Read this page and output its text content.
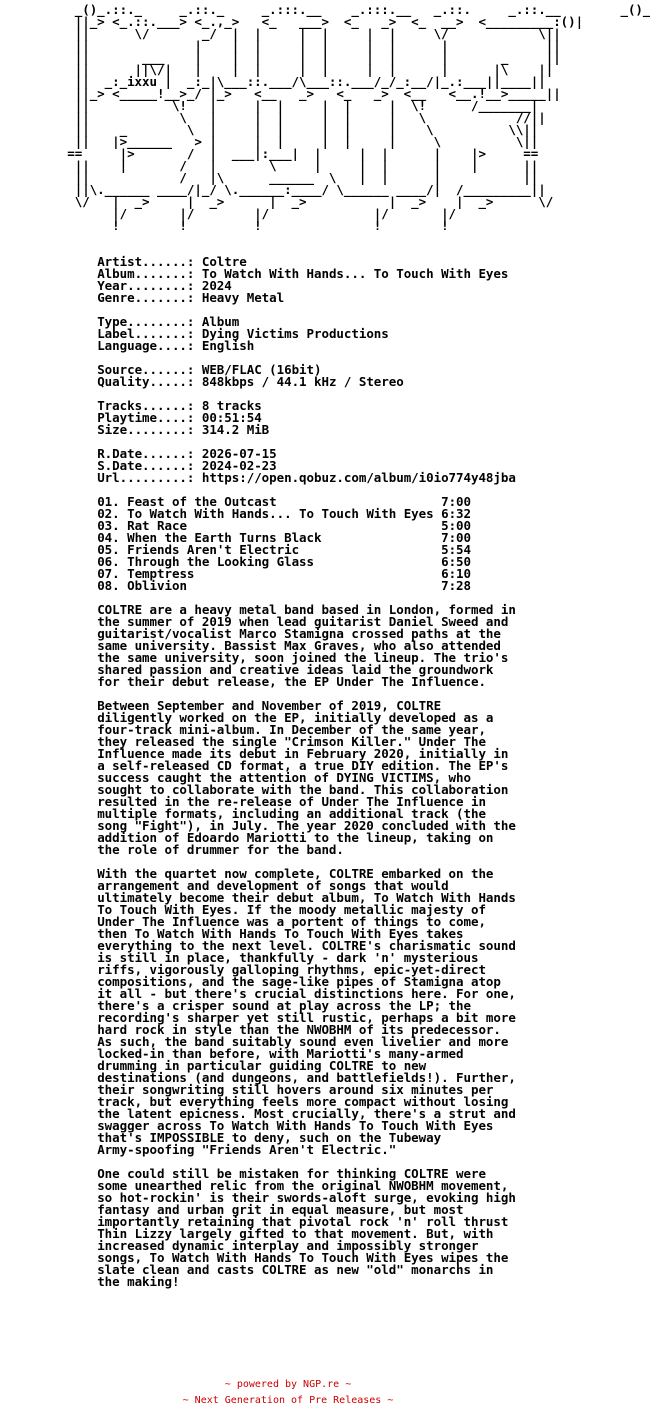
_()_.::._     _.::._     _.:::.__    _.:::.__   _.::.     _.::.__        _()_
||_> <_.::.___> <_.,_>   <_   ___>  <_   _>  <_  __>  <_________:()|
||      \/       _/  |  |     |  |     |  |     \/            \||
||              |    |  |     |  |     |  |      |             ||
||       ___    |    |  |     |  |     |  |      |       _     ||
||      ||\/|   |    |  |     |  |     |  |      |      |\    ||
||  _:_ixxu |  _:_|\___::.___/\___::.___/_/_:__/|_.:___||____||
||_> <_____!__>_/ |_>   <__   _>   <_   _>  <__   <__.!__>_____||
||           \!   |     |  |     |  |     |  \!      /_______|
||            \   |     |  |     |  |     |   \            //||
||    _        \  |     |  |     |  |     |    \          \\||
||   |>______   > |     |  |     |  |     |     \          \||
==     |>       /  |  ___|:___|  |     |  |      |    |>     ==
||    |       /   |       \     |     |  |      |    |      ||
||            /   |\      ______  \   |  |      |           ||
||\.______ ____/|_/ \.______:____/ \______ ____/|  /_________||
\/   |  _>     |  _>      |  _>           |  _>    |  _>      \/
|/       |/        |/              |/       |/
!        !         !               !        !

Artist......: Coltre
Album.......: To Watch With Hands... To Touch With Eyes
Year........: 2024
Genre.......: Heavy Metal

Type........: Album
Label.......: Dying Victims Productions
Language....: English

Source......: WEB/FLAC (16bit)
Quality.....: 848kbps / 44.1 kHz / Stereo

Tracks......: 8 tracks
Playtime....: 00:51:54
Size........: 314.2 MiB

R.Date......: 2026-07-15
S.Date......: 2024-02-23
Url.........: https://open.qobuz.com/album/i0io774y48jba

01. Feast of the Outcast	7:00
02. To Watch With Hands... To Touch With Eyes 6:32
03. Rat Race	5:00
04. When the Earth Turns Black	7:00
05. Friends Aren't Electric	5:54
06. Through the Looking Glass	6:50
07. Temptress	6:10
08. Oblivion	7:28

COLTRE are a heavy metal band based in London, formed in
the summer of 2019 when lead guitarist Daniel Sweed and
guitarist/vocalist Marco Stamigna crossed paths at the
same university. Bassist Max Graves, who also attended
the same university, soon joined the lineup. The trio's
shared passion and creative ideas laid the groundwork
for their debut release, the EP Under The Influence.

Between September and November of 2019, COLTRE
diligently worked on the EP, initially developed as a
four-track mini-album. In December of the same year,
they released the single "Crimson Killer." Under The
Influence made its debut in February 2020, initially in
a self-released CD format, a true DIY edition. The EP's
success caught the attention of DYING VICTIMS, who
sought to collaborate with the band. This collaboration
resulted in the re-release of Under The Influence in
multiple formats, including an additional track (the
song "Fight"), in July. The year 2020 concluded with the
addition of Edoardo Mariotti to the lineup, taking on
the role of drummer for the band.

With the quartet now complete, COLTRE embarked on the
arrangement and development of songs that would
ultimately become their debut album, To Watch With Hands
To Touch With Eyes. If the moody metallic majesty of
Under The Influence was a portent of things to come,
then To Watch With Hands To Touch With Eyes takes
everything to the next level. COLTRE's charismatic sound
is still in place, thankfully - dark 'n' mysterious
riffs, vigorously galloping rhythms, epic-yet-direct
compositions, and the sage-like pipes of Stamigna atop
it all - but there's crucial distinctions here. For one,
there's a crisper sound at play across the LP; the
recording's sharper yet still rustic, perhaps a bit more
hard rock in style than the NWOBHM of its predecessor.
As such, the band suitably sound even livelier and more
locked-in than before, with Mariotti's many-armed
drumming in particular guiding COLTRE to new
destinations (and dungeons, and battlefields!). Further,
their songwriting still hovers around six minutes per
track, but everything feels more compact without losing
the latent epicness. Most crucially, there's a strut and
swagger across To Watch With Hands To Touch With Eyes
that's IMPOSSIBLE to deny, such on the Tubeway
Army-spoofing "Friends Aren't Electric."

One could still be mistaken for thinking COLTRE were
some unearthed relic from the original NWOBHM movement,
so hot-rockin' is their swords-aloft surge, evoking high
fantasy and urban grit in equal measure, but most
importantly retaining that pivotal rock 'n' roll thrust
Thin Lizzy largely gifted to that movement. But, with
increased dynamic interplay and impossibly stronger
songs, To Watch With Hands To Touch With Eyes wipes the
slate clean and casts COLTRE as new "old" monarchs in
the making!

~ powered by NGP.re ~
~ Next Generation of Pre Releases ~
